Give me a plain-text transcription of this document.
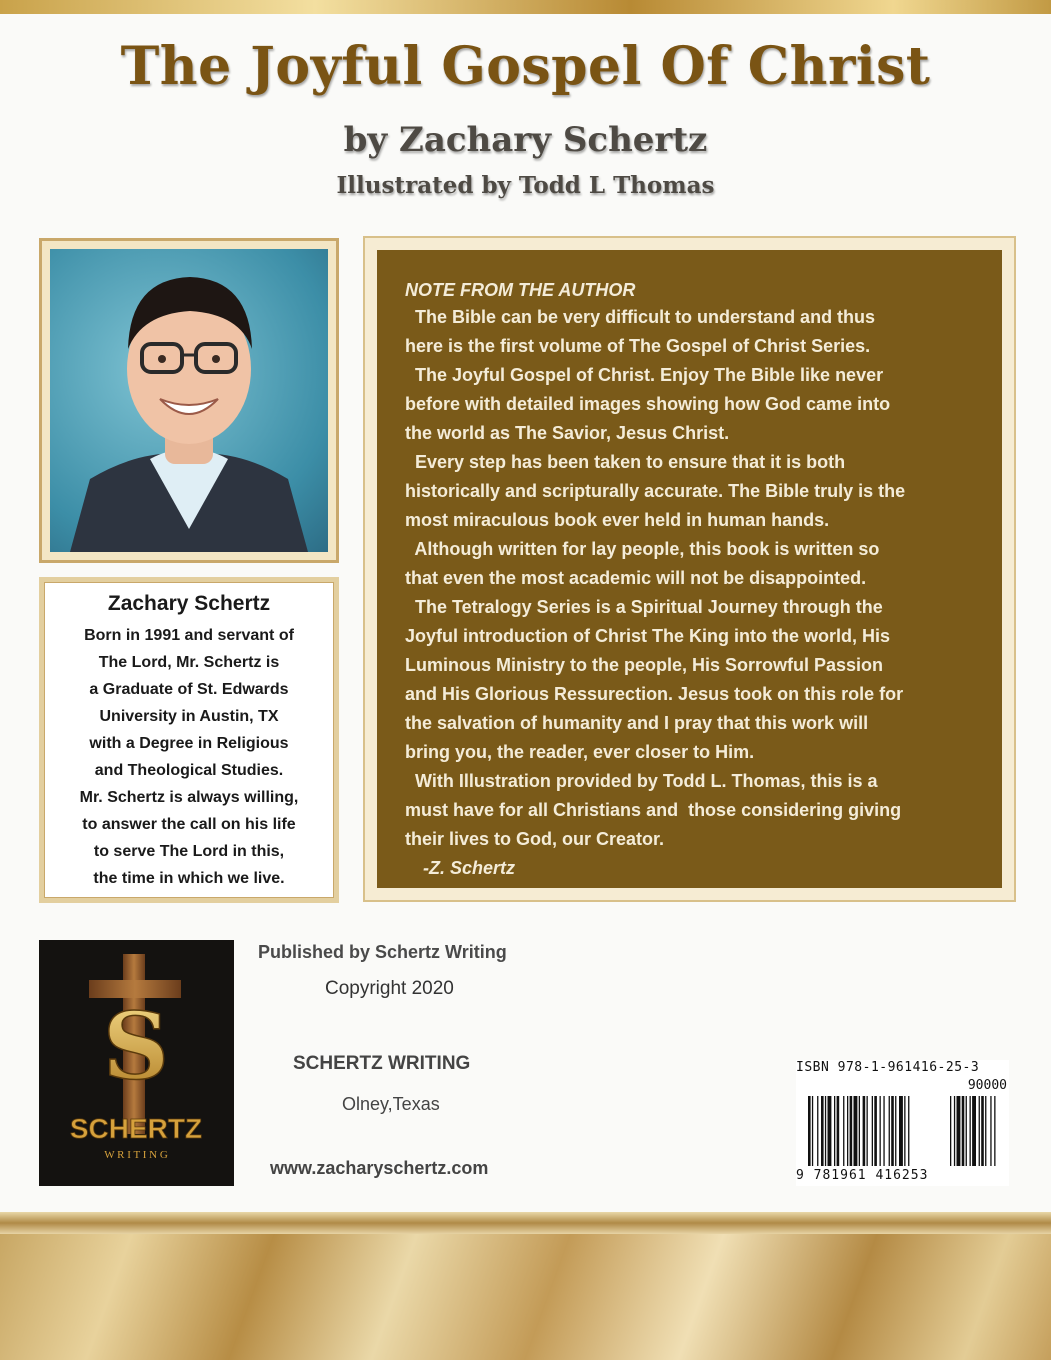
The Joyful Gospel Of Christ
by Zachary Schertz
Illustrated by Todd L Thomas
Zachary Schertz
Born in 1991 and servant of
The Lord, Mr. Schertz is
a Graduate of St. Edwards
University in Austin, TX
with a Degree in Religious
and Theological Studies.
Mr. Schertz is always willing,
to answer the call on his life
to serve The Lord in this,
the time in which we live.
NOTE FROM THE AUTHOR
The Bible can be very difficult to understand and thus
here is the first volume of The Gospel of Christ Series.
The Joyful Gospel of Christ. Enjoy The Bible like never
before with detailed images showing how God came into
the world as The Savior, Jesus Christ.
Every step has been taken to ensure that it is both
historically and scripturally accurate. The Bible truly is the
most miraculous book ever held in human hands.
Although written for lay people, this book is written so
that even the most academic will not be disappointed.
The Tetralogy Series is a Spiritual Journey through the
Joyful introduction of Christ The King into the world, His
Luminous Ministry to the people, His Sorrowful Passion
and His Glorious Ressurection. Jesus took on this role for
the salvation of humanity and I pray that this work will
bring you, the reader, ever closer to Him.
With Illustration provided by Todd L. Thomas, this is a
must have for all Christians and  those considering giving
their lives to God, our Creator.
-Z. Schertz
S
SCHERTZ
W R I T I N G
Published by Schertz Writing
Copyright 2020
SCHERTZ WRITING
Olney,Texas
www.zacharyschertz.com
ISBN 978-1-961416-25-3
90000
9 781961 416253
